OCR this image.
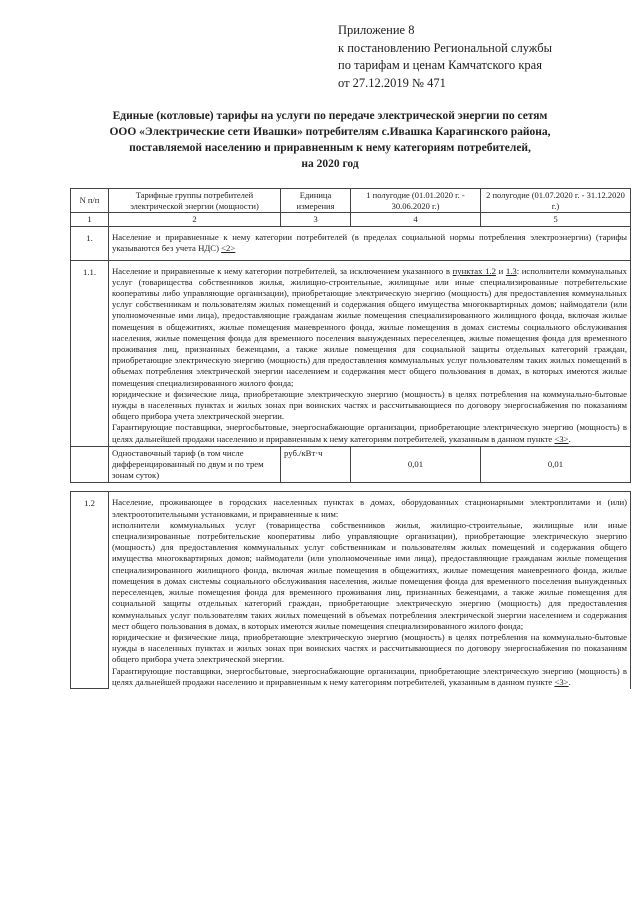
Приложение 8
к постановлению Региональной службы
по тарифам и ценам Камчатского края
от 27.12.2019 № 471
Единые (котловые) тарифы на услуги по передаче электрической энергии по сетям
ООО «Электрические сети Ивашки» потребителям с.Ивашка Карагинского района,
поставляемой населению и приравненным к нему категориям потребителей,
на 2020 год
N п/п	Тарифные группы потребителей электрической энергии (мощности)	Единица измерения	1 полугодие (01.01.2020 г. - 30.06.2020 г.)	2 полугодие (01.07.2020 г. - 31.12.2020 г.)
1	2	3	4	5
1.	Население и приравненные к нему категории потребителей (в пределах социальной нормы потребления электроэнергии) (тарифы указываются без учета НДС) <2>			
1.1.	Население и приравненные к нему категории потребителей, за исключением указанного в пунктах 1.2 и 1.3: исполнители коммунальных услуг (товарищества собственников жилья, жилищно-строительные, жилищные или иные специализированные потребительские кооперативы либо управляющие организации), приобретающие электрическую энергию (мощность) для предоставления коммунальных услуг собственникам и пользователям жилых помещений и содержания общего имущества многоквартирных домов; наймодатели (или уполномоченные ими лица), предоставляющие гражданам жилые помещения специализированного жилищного фонда, включая жилые помещения в общежитиях, жилые помещения маневренного фонда, жилые помещения в домах системы социального обслуживания населения, жилые помещения фонда для временного поселения вынужденных переселенцев, жилые помещения фонда для временного проживания лиц, признанных беженцами, а также жилые помещения для социальной защиты отдельных категорий граждан, приобретающие электрическую энергию (мощность) для предоставления коммунальных услуг пользователям таких жилых помещений в объемах потребления электрической энергии населением и содержания мест общего пользования в домах, в которых имеются жилые помещения специализированного жилого фонда;

юридические и физические лица, приобретающие электрическую энергию (мощность) в целях потребления на коммунально-бытовые нужды в населенных пунктах и жилых зонах при воинских частях и рассчитывающиеся по договору энергоснабжения по показаниям общего прибора учета электрической энергии.

Гарантирующие поставщики, энергосбытовые, энергоснабжающие организации, приобретающие электрическую энергию (мощность) в целях дальнейшей продажи населению и приравненным к нему категориям потребителей, указанным в данном пункте <3>.			

	Одноставочный тариф (в том числе дифференцированный по двум и по трем зонам суток)	руб./кВт·ч	0,01	0,01

1.2	Население, проживающее в городских населенных пунктах в домах, оборудованных стационарными электроплитами и (или) электроотопительными установками, и приравненные к ним:

исполнители коммунальных услуг (товарищества собственников жилья, жилищно-строительные, жилищные или иные специализированные потребительские кооперативы либо управляющие организации), приобретающие электрическую энергию (мощность) для предоставления коммунальных услуг собственникам и пользователям жилых помещений и содержания общего имущества многоквартирных домов; наймодатели (или уполномоченные ими лица), предоставляющие гражданам жилые помещения специализированного жилищного фонда, включая жилые помещения в общежитиях, жилые помещения маневренного фонда, жилые помещения в домах системы социального обслуживания населения, жилые помещения фонда для временного поселения вынужденных переселенцев, жилые помещения фонда для временного проживания лиц, признанных беженцами, а также жилые помещения для социальной защиты отдельных категорий граждан, приобретающие электрическую энергию (мощность) для предоставления коммунальных услуг пользователям таких жилых помещений в объемах потребления электрической энергии населением и содержания мест общего пользования в домах, в которых имеются жилые помещения специализированного жилого фонда;

юридические и физические лица, приобретающие электрическую энергию (мощность) в целях потребления на коммунально-бытовые нужды в населенных пунктах и жилых зонах при воинских частях и рассчитывающиеся по договору энергоснабжения по показаниям общего прибора учета электрической энергии.

Гарантирующие поставщики, энергосбытовые, энергоснабжающие организации, приобретающие электрическую энергию (мощность) в целях дальнейшей продажи населению и приравненным к нему категориям потребителей, указанным в данном пункте <3>.			
